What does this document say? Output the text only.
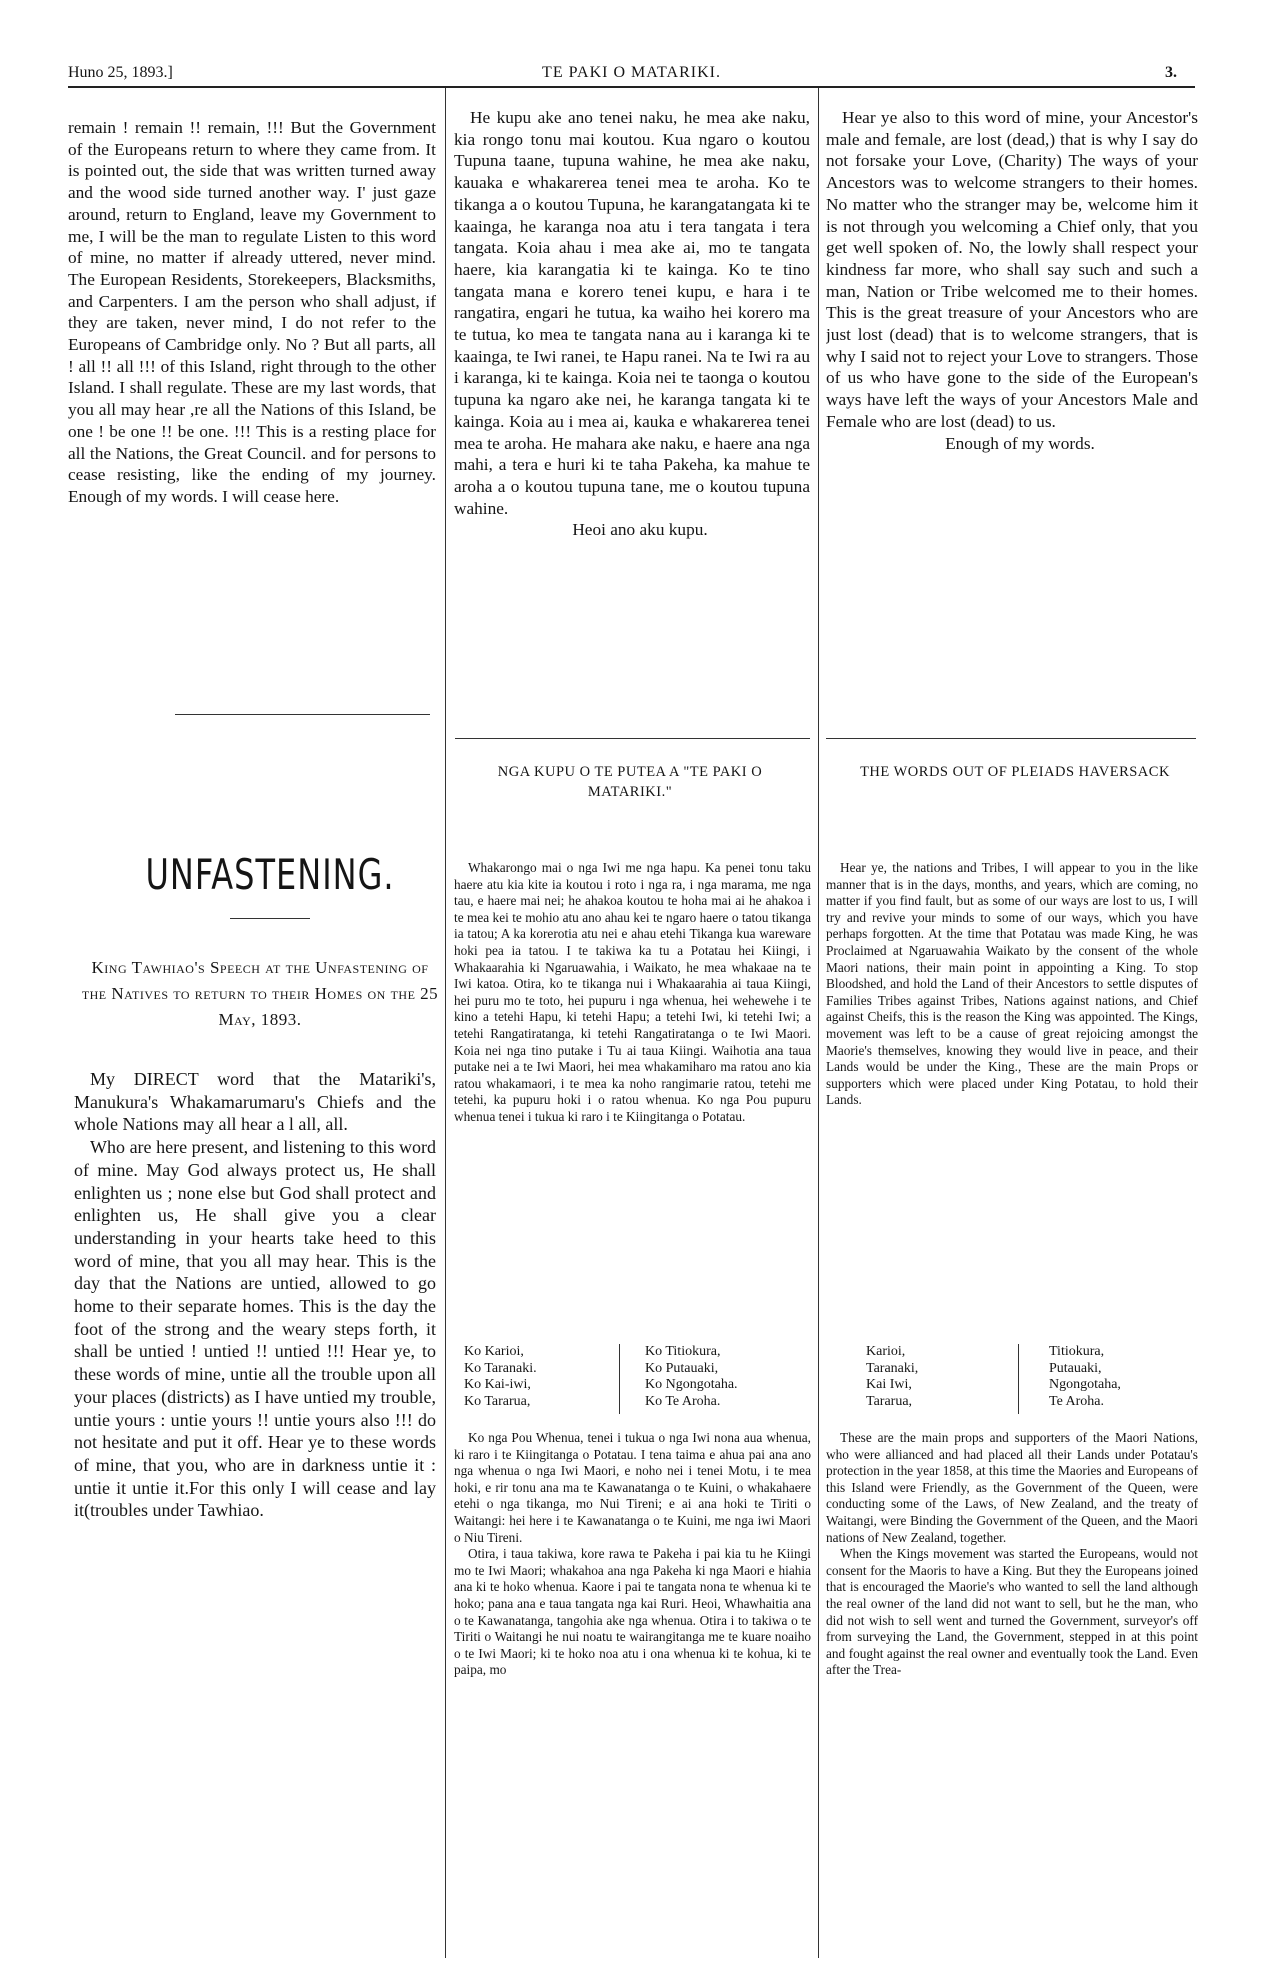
Huno 25, 1893.]	TE PAKI O MATARIKI.	3.

remain ! remain !! remain, !!! But the Government of the Europeans return to where they came from. It is pointed out, the side that was written turned away and the wood side turned another way. I' just gaze around, return to England, leave my Government to me, I will be the man to regulate Listen to this word of mine, no matter if already uttered, never mind. The European Residents, Storekeepers, Blacksmiths, and Carpenters. I am the person who shall adjust, if they are taken, never mind, I do not refer to the Europeans of Cambridge only. No ? But all parts, all ! all !! all !!! of this Island, right through to the other Island. I shall regulate. These are my last words, that you all may hear ,re all the Nations of this Island, be one ! be one !! be one. !!! This is a resting place for all the Nations, the Great Council. and for persons to cease resisting, like the ending of my journey. Enough of my words. I will cease here.

He kupu ake ano tenei naku, he mea ake naku, kia rongo tonu mai koutou. Kua ngaro o koutou Tupuna taane, tupuna wahine, he mea ake naku, kauaka e whakarerea tenei mea te aroha. Ko te tikanga a o koutou Tupuna, he karangatangata ki te kaainga, he karanga noa atu i tera tangata i tera tangata. Koia ahau i mea ake ai, mo te tangata haere, kia karangatia ki te kainga. Ko te tino tangata mana e korero tenei kupu, e hara i te rangatira, engari he tutua, ka waiho hei korero ma te tutua, ko mea te tangata nana au i karanga ki te kaainga, te Iwi ranei, te Hapu ranei. Na te Iwi ra au i karanga, ki te kainga. Koia nei te taonga o koutou tupuna ka ngaro ake nei, he karanga tangata ki te kainga. Koia au i mea ai, kauka e whakarerea tenei mea te aroha. He mahara ake naku, e haere ana nga mahi, a tera e huri ki te taha Pakeha, ka mahue te aroha a o koutou tupuna tane, me o koutou tupuna wahine.

Heoi ano aku kupu.

Hear ye also to this word of mine, your Ancestor's male and female, are lost (dead,) that is why I say do not forsake your Love, (Charity) The ways of your Ancestors was to welcome strangers to their homes. No matter who the stranger may be, welcome him it is not through you welcoming a Chief only, that you get well spoken of. No, the lowly shall respect your kindness far more, who shall say such and such a man, Nation or Tribe welcomed me to their homes. This is the great treasure of your Ancestors who are just lost (dead) that is to welcome strangers, that is why I said not to reject your Love to strangers. Those of us who have gone to the side of the European's ways have left the ways of your Ancestors Male and Female who are lost (dead) to us.

Enough of my words.

UNFASTENING.
King Tawhiao's Speech at the Unfastening of the Natives to return to their Homes on the 25 May, 1893.

My DIRECT word that the Matariki's, Manukura's Whakamarumaru's Chiefs and the whole Nations may all hear a l all, all.

Who are here present, and listening to this word of mine. May God always protect us, He shall enlighten us ; none else but God shall protect and enlighten us, He shall give you a clear understanding in your hearts take heed to this word of mine, that you all may hear. This is the day that the Nations are untied, allowed to go home to their separate homes. This is the day the foot of the strong and the weary steps forth, it shall be untied ! untied !! untied !!! Hear ye, to these words of mine, untie all the trouble upon all your places (districts) as I have untied my trouble, untie yours : untie yours !! untie yours also !!! do not hesitate and put it off. Hear ye to these words of mine, that you, who are in darkness untie it : untie it untie it.For this only I will cease and lay it(troubles under Tawhiao.

NGA KUPU O TE PUTEA A "TE PAKI O MATARIKI."

Whakarongo mai o nga Iwi me nga hapu. Ka penei tonu taku haere atu kia kite ia koutou i roto i nga ra, i nga marama, me nga tau, e haere mai nei; he ahakoa koutou te hoha mai ai he ahakoa i te mea kei te mohio atu ano ahau kei te ngaro haere o tatou tikanga ia tatou; A ka korerotia atu nei e ahau etehi Tikanga kua wareware hoki pea ia tatou. I te takiwa ka tu a Potatau hei Kiingi, i Whakaarahia ki Ngaruawahia, i Waikato, he mea whakaae na te Iwi katoa. Otira, ko te tikanga nui i Whakaarahia ai taua Kiingi, hei puru mo te toto, hei pupuru i nga whenua, hei wehewehe i te kino a tetehi Hapu, ki tetehi Hapu; a tetehi Iwi, ki tetehi Iwi; a tetehi Rangatiratanga, ki tetehi Rangatiratanga o te Iwi Maori. Koia nei nga tino putake i Tu ai taua Kiingi. Waihotia ana taua putake nei a te Iwi Maori, hei mea whakamiharo ma ratou ano kia ratou whakamaori, i te mea ka noho rangimarie ratou, tetehi me tetehi, ka pupuru hoki i o ratou whenua. Ko nga Pou pupuru whenua tenei i tukua ki raro i te Kiingitanga o Potatau.

Ko Karioi,
Ko Taranaki.
Ko Kai-iwi,
Ko Tararua,
Ko Titiokura,
Ko Putauaki,
Ko Ngongotaha.
Ko Te Aroha.

Ko nga Pou Whenua, tenei i tukua o nga Iwi nona aua whenua, ki raro i te Kiingitanga o Potatau. I tena taima e ahua pai ana ano nga whenua o nga Iwi Maori, e noho nei i tenei Motu, i te mea hoki, e rir tonu ana ma te Kawanatanga o te Kuini, o whakahaere etehi o nga tikanga, mo Nui Tireni; e ai ana hoki te Tiriti o Waitangi: hei here i te Kawanatanga o te Kuini, me nga iwi Maori o Niu Tireni.

Otira, i taua takiwa, kore rawa te Pakeha i pai kia tu he Kiingi mo te Iwi Maori; whakahoa ana nga Pakeha ki nga Maori e hiahia ana ki te hoko whenua. Kaore i pai te tangata nona te whenua ki te hoko; pana ana e taua tangata nga kai Ruri. Heoi, Whawhaitia ana o te Kawanatanga, tangohia ake nga whenua. Otira i to takiwa o te Tiriti o Waitangi he nui noatu te wairangitanga me te kuare noaiho o te Iwi Maori; ki te hoko noa atu i ona whenua ki te kohua, ki te paipa, mo

THE WORDS OUT OF PLEIADS HAVERSACK

Hear ye, the nations and Tribes, I will appear to you in the like manner that is in the days, months, and years, which are coming, no matter if you find fault, but as some of our ways are lost to us, I will try and revive your minds to some of our ways, which you have perhaps forgotten. At the time that Potatau was made King, he was Proclaimed at Ngaruawahia Waikato by the consent of the whole Maori nations, their main point in appointing a King. To stop Bloodshed, and hold the Land of their Ancestors to settle disputes of Families Tribes against Tribes, Nations against nations, and Chief against Cheifs, this is the reason the King was appointed. The Kings, movement was left to be a cause of great rejoicing amongst the Maorie's themselves, knowing they would live in peace, and their Lands would be under the King., These are the main Props or supporters which were placed under King Potatau, to hold their Lands.

Karioi,
Taranaki,
Kai Iwi,
Tararua,
Titiokura,
Putauaki,
Ngongotaha,
Te Aroha.

These are the main props and supporters of the Maori Nations, who were allianced and had placed all their Lands under Potatau's protection in the year 1858, at this time the Maories and Europeans of this Island were Friendly, as the Government of the Queen, were conducting some of the Laws, of New Zealand, and the treaty of Waitangi, were Binding the Government of the Queen, and the Maori nations of New Zealand, together.

When the Kings movement was started the Europeans, would not consent for the Maoris to have a King. But they the Europeans joined that is encouraged the Maorie's who wanted to sell the land although the real owner of the land did not want to sell, but he the man, who did not wish to sell went and turned the Government, surveyor's off from surveying the Land, the Government, stepped in at this point and fought against the real owner and eventually took the Land. Even after the Trea-
